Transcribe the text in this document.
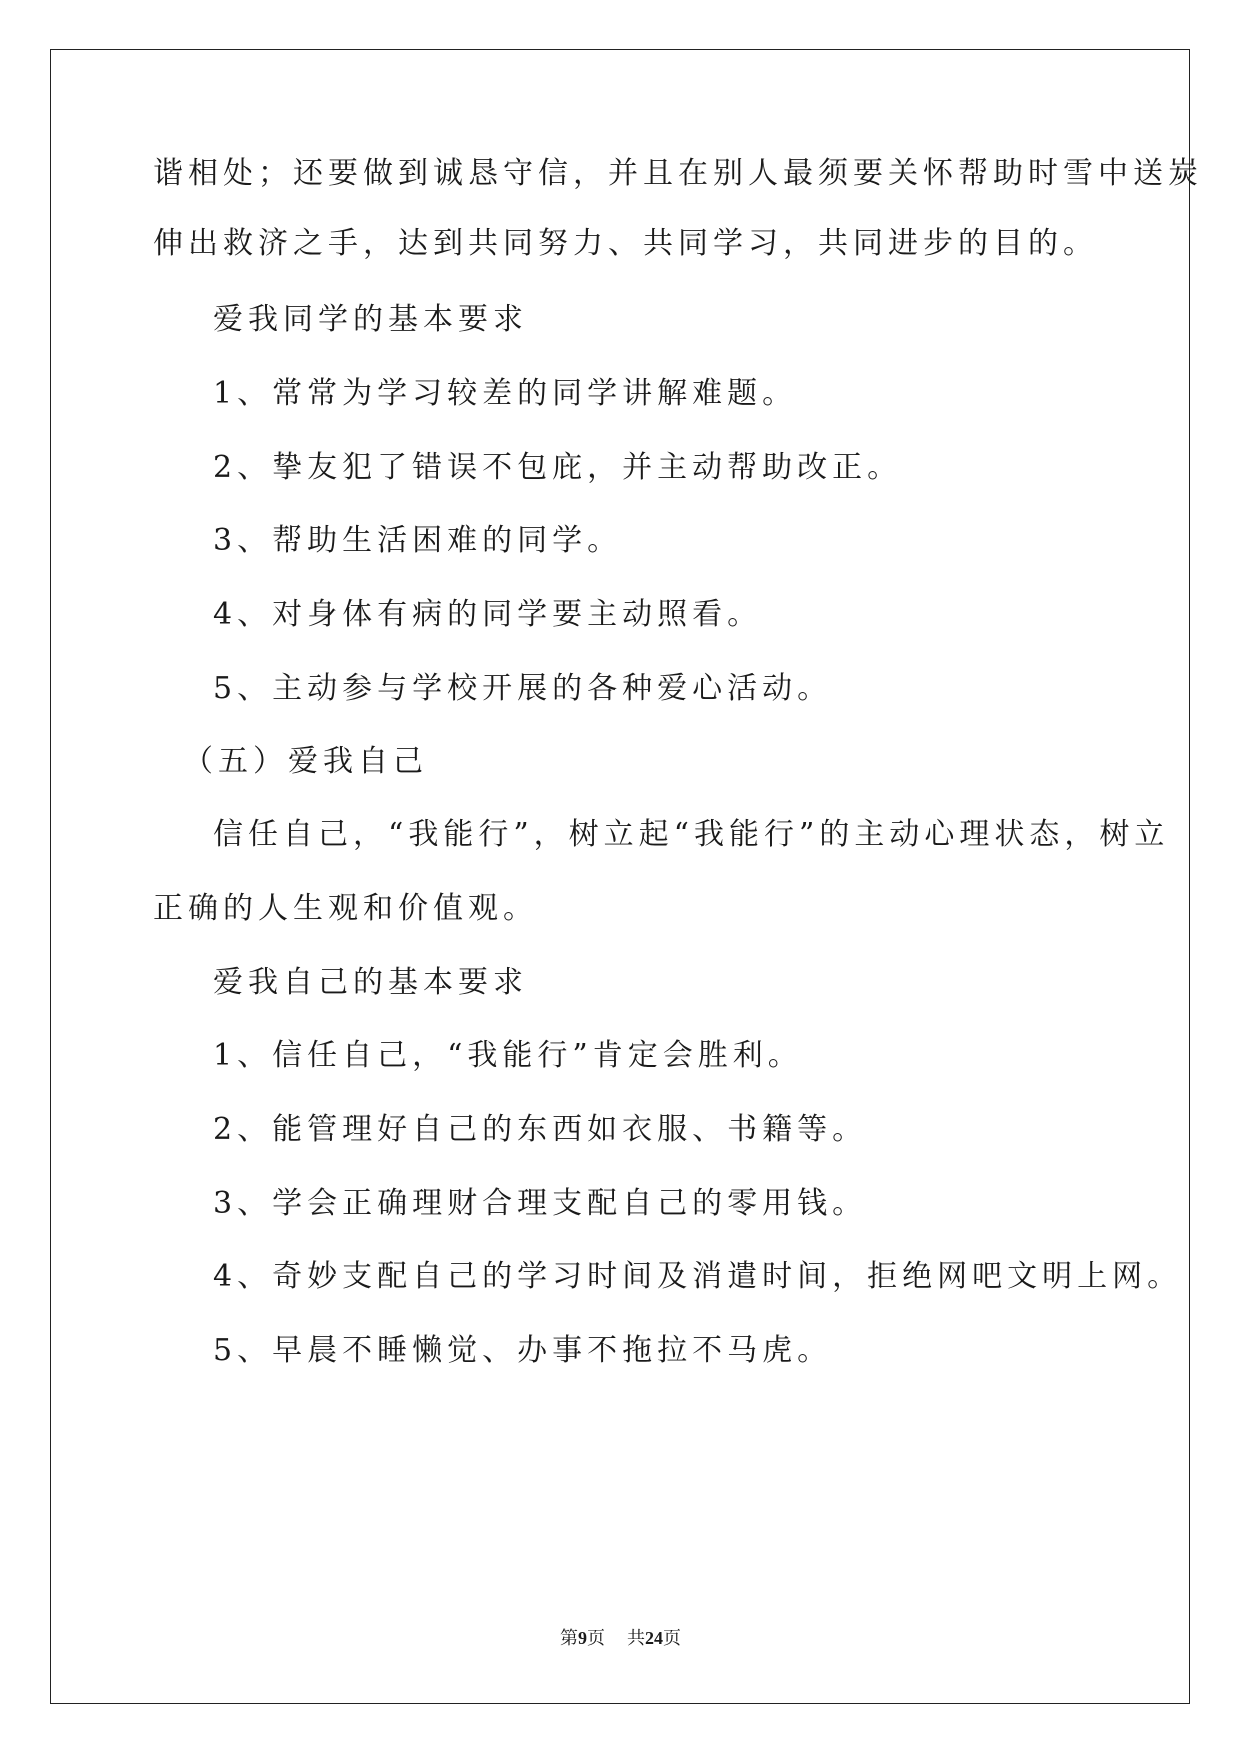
谐相处；还要做到诚恳守信，并且在别人最须要关怀帮助时雪中送炭
伸出救济之手，达到共同努力、共同学习，共同进步的目的。
爱我同学的基本要求
1、常常为学习较差的同学讲解难题。
2、挚友犯了错误不包庇，并主动帮助改正。
3、帮助生活困难的同学。
4、对身体有病的同学要主动照看。
5、主动参与学校开展的各种爱心活动。
（五）爱我自己
信任自己，“我能行”，树立起“我能行”的主动心理状态，树立
正确的人生观和价值观。
爱我自己的基本要求
1、信任自己，“我能行”肯定会胜利。
2、能管理好自己的东西如衣服、书籍等。
3、学会正确理财合理支配自己的零用钱。
4、奇妙支配自己的学习时间及消遣时间，拒绝网吧文明上网。
5、早晨不睡懒觉、办事不拖拉不马虎。
第9页 共24页
